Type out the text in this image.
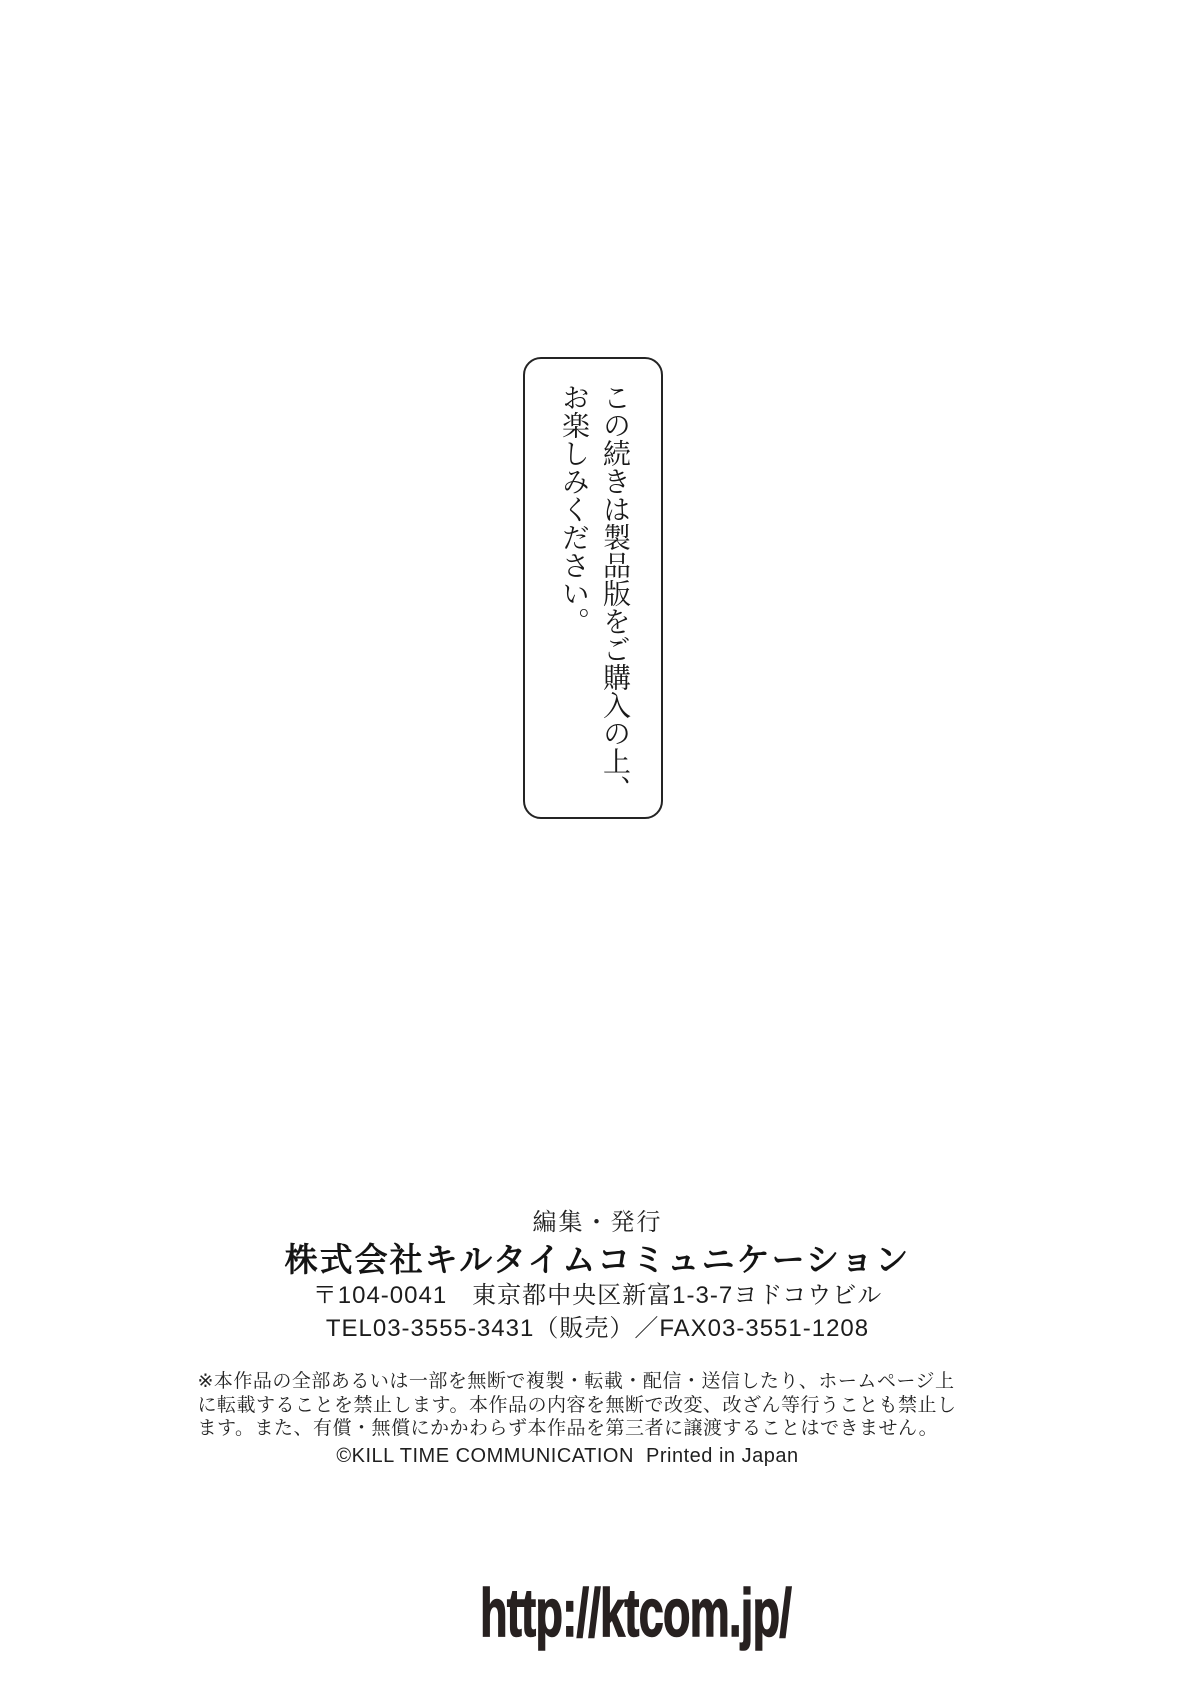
この続きは製品版をご購入の上、
お楽しみください。
編集・発行
株式会社キルタイムコミュニケーション
〒104-0041　東京都中央区新富1-3-7ヨドコウビル
TEL03-3555-3431（販売）／FAX03-3551-1208
※本作品の全部あるいは一部を無断で複製・転載・配信・送信したり、ホームページ上
に転載することを禁止します。本作品の内容を無断で改変、改ざん等行うことも禁止し
ます。また、有償・無償にかかわらず本作品を第三者に譲渡することはできません。
©KILL TIME COMMUNICATION  Printed in Japan

http://ktcom.jp/
